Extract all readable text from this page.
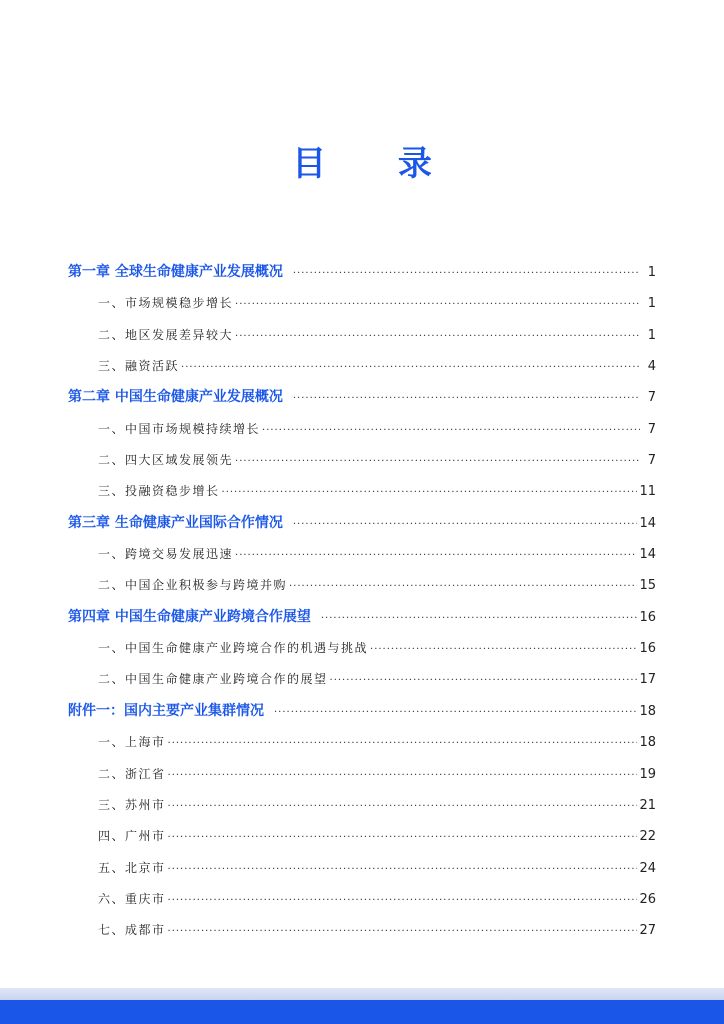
目 录
第一章 全球生命健康产业发展概况 ·····	1
一、市场规模稳步增长 ·····	1
二、地区发展差异较大 ·····	1
三、融资活跃 ·····	4
第二章 中国生命健康产业发展概况 ·····	7
一、中国市场规模持续增长 ·····	7
二、四大区域发展领先 ·····	7
三、投融资稳步增长 ·····	11
第三章 生命健康产业国际合作情况 ·····	14
一、跨境交易发展迅速 ·····	14
二、中国企业积极参与跨境并购 ·····	15
第四章 中国生命健康产业跨境合作展望 ·····	16
一、中国生命健康产业跨境合作的机遇与挑战 ·····	16
二、中国生命健康产业跨境合作的展望 ·····	17
附件一：国内主要产业集群情况 ·····	18
一、上海市 ·····	18
二、浙江省 ·····	19
三、苏州市 ·····	21
四、广州市 ·····	22
五、北京市 ·····	24
六、重庆市 ·····	26
七、成都市 ·····	27
